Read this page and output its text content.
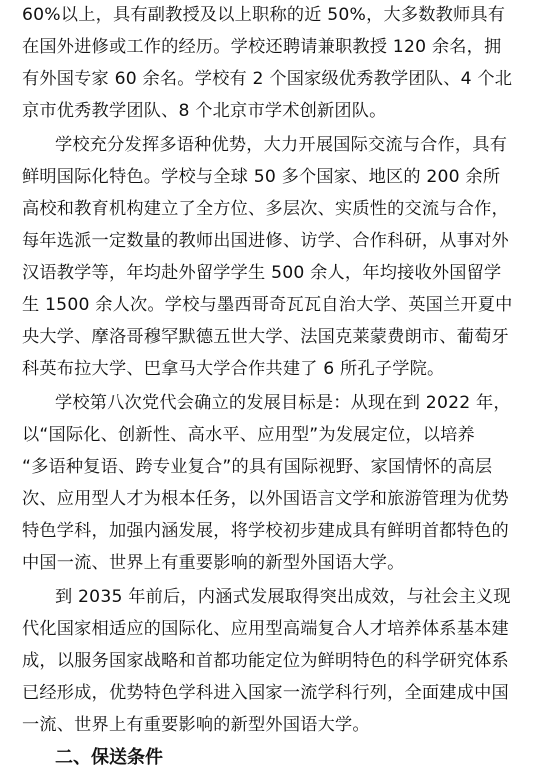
60%以上，具有副教授及以上职称的近 50%，大多数教师具有
在国外进修或工作的经历。学校还聘请兼职教授 120 余名，拥
有外国专家 60 余名。学校有 2 个国家级优秀教学团队、4 个北
京市优秀教学团队、8 个北京市学术创新团队。
学校充分发挥多语种优势，大力开展国际交流与合作，具有
鲜明国际化特色。学校与全球 50 多个国家、地区的 200 余所
高校和教育机构建立了全方位、多层次、实质性的交流与合作，
每年选派一定数量的教师出国进修、访学、合作科研，从事对外
汉语教学等，年均赴外留学学生 500 余人，年均接收外国留学
生 1500 余人次。学校与墨西哥奇瓦瓦自治大学、英国兰开夏中
央大学、摩洛哥穆罕默德五世大学、法国克莱蒙费朗市、葡萄牙
科英布拉大学、巴拿马大学合作共建了 6 所孔子学院。
学校第八次党代会确立的发展目标是：从现在到 2022 年，
以“国际化、创新性、高水平、应用型”为发展定位，以培养
“多语种复语、跨专业复合”的具有国际视野、家国情怀的高层
次、应用型人才为根本任务，以外国语言文学和旅游管理为优势
特色学科，加强内涵发展，将学校初步建成具有鲜明首都特色的
中国一流、世界上有重要影响的新型外国语大学。
到 2035 年前后，内涵式发展取得突出成效，与社会主义现
代化国家相适应的国际化、应用型高端复合人才培养体系基本建
成，以服务国家战略和首都功能定位为鲜明特色的科学研究体系
已经形成，优势特色学科进入国家一流学科行列，全面建成中国
一流、世界上有重要影响的新型外国语大学。
二、保送条件
